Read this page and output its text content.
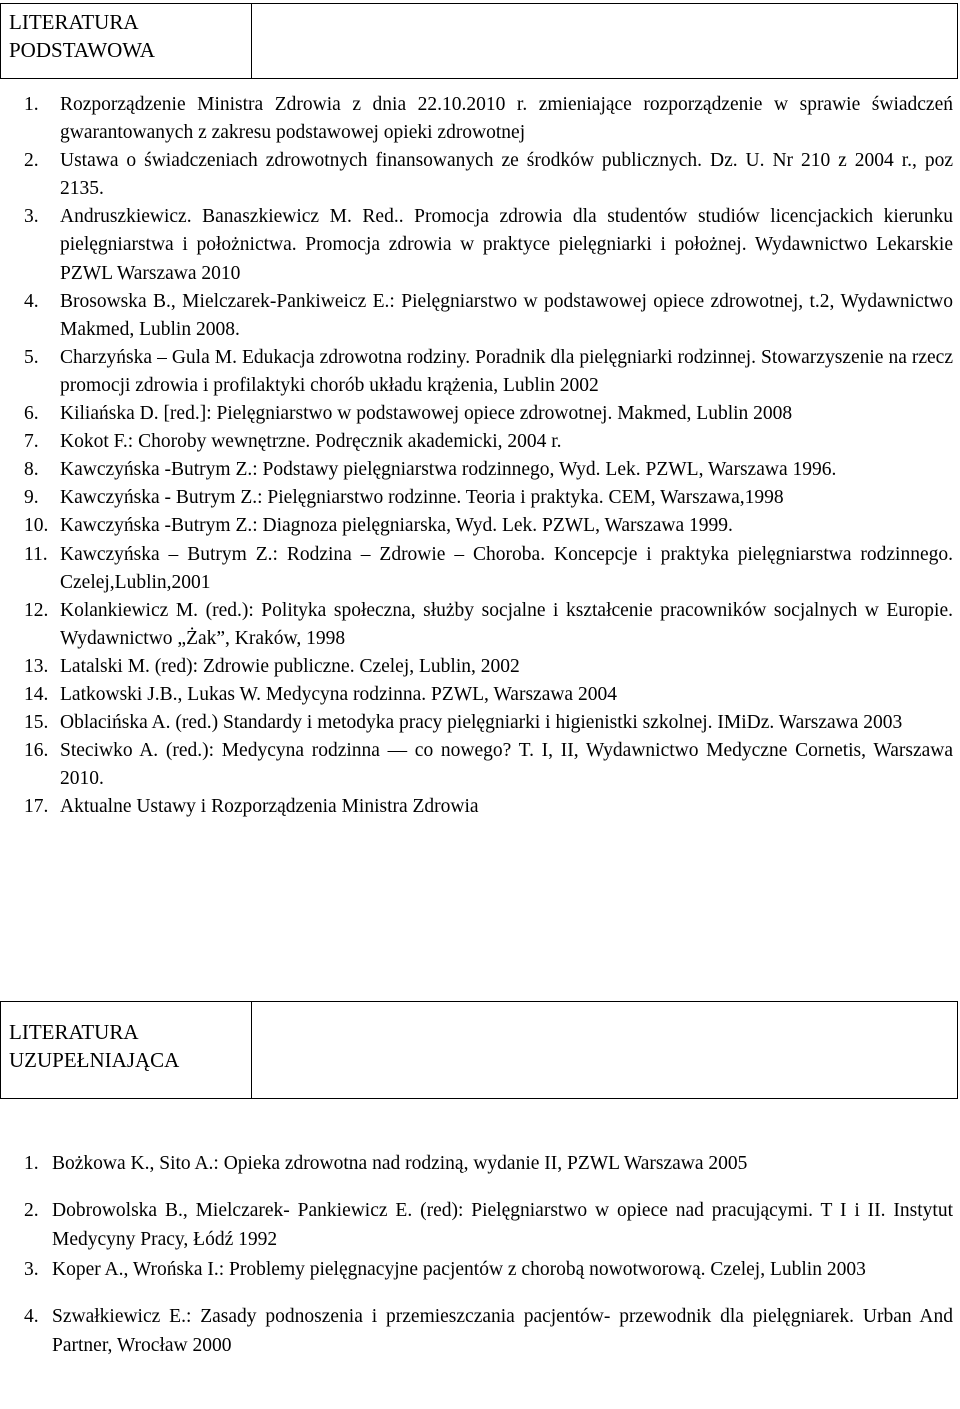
LITERATURA
PODSTAWOWA
1. Rozporządzenie Ministra Zdrowia z dnia 22.10.2010 r. zmieniające rozporządzenie w sprawie świadczeń gwarantowanych z zakresu podstawowej opieki zdrowotnej
2. Ustawa o świadczeniach zdrowotnych finansowanych ze środków publicznych. Dz. U. Nr 210 z 2004 r., poz 2135.
3. Andruszkiewicz. Banaszkiewicz M. Red.. Promocja zdrowia dla studentów studiów licencjackich kierunku pielęgniarstwa i położnictwa. Promocja zdrowia w praktyce pielęgniarki i położnej. Wydawnictwo Lekarskie PZWL Warszawa 2010
4. Brosowska B., Mielczarek-Pankiweicz E.: Pielęgniarstwo w podstawowej opiece zdrowotnej, t.2, Wydawnictwo Makmed, Lublin 2008.
5. Charzyńska – Gula M. Edukacja zdrowotna rodziny. Poradnik dla pielęgniarki rodzinnej. Stowarzyszenie na rzecz promocji zdrowia i profilaktyki chorób układu krążenia, Lublin 2002
6. Kiliańska D. [red.]: Pielęgniarstwo w podstawowej opiece zdrowotnej. Makmed, Lublin 2008
7. Kokot F.: Choroby wewnętrzne. Podręcznik akademicki, 2004 r.
8. Kawczyńska -Butrym Z.: Podstawy pielęgniarstwa rodzinnego, Wyd. Lek. PZWL, Warszawa 1996.
9. Kawczyńska - Butrym Z.: Pielęgniarstwo rodzinne. Teoria i praktyka. CEM, Warszawa,1998
10. Kawczyńska -Butrym Z.: Diagnoza pielęgniarska, Wyd. Lek. PZWL, Warszawa 1999.
11. Kawczyńska – Butrym Z.: Rodzina – Zdrowie – Choroba. Koncepcje i praktyka pielęgniarstwa rodzinnego. Czelej,Lublin,2001
12. Kolankiewicz M. (red.): Polityka społeczna, służby socjalne i kształcenie pracowników socjalnych w Europie. Wydawnictwo „Żak”, Kraków, 1998
13. Latalski M. (red): Zdrowie publiczne. Czelej, Lublin, 2002
14. Latkowski J.B., Lukas W. Medycyna rodzinna. PZWL, Warszawa 2004
15. Oblacińska A. (red.) Standardy i metodyka pracy pielęgniarki i higienistki szkolnej. IMiDz. Warszawa 2003
16. Steciwko A. (red.): Medycyna rodzinna — co nowego? T. I, II, Wydawnictwo Medyczne Cornetis, Warszawa 2010.
17. Aktualne Ustawy i Rozporządzenia Ministra Zdrowia
LITERATURA
UZUPEŁNIAJĄCA
1. Bożkowa K., Sito A.: Opieka zdrowotna nad rodziną, wydanie II, PZWL Warszawa 2005
2. Dobrowolska B., Mielczarek- Pankiewicz E. (red): Pielęgniarstwo w opiece nad pracującymi. T I i II. Instytut Medycyny Pracy, Łódź 1992
3. Koper A., Wrońska I.: Problemy pielęgnacyjne pacjentów z chorobą nowotworową. Czelej, Lublin 2003
4. Szwałkiewicz E.: Zasady podnoszenia i przemieszczania pacjentów- przewodnik dla pielęgniarek. Urban And Partner, Wrocław 2000
